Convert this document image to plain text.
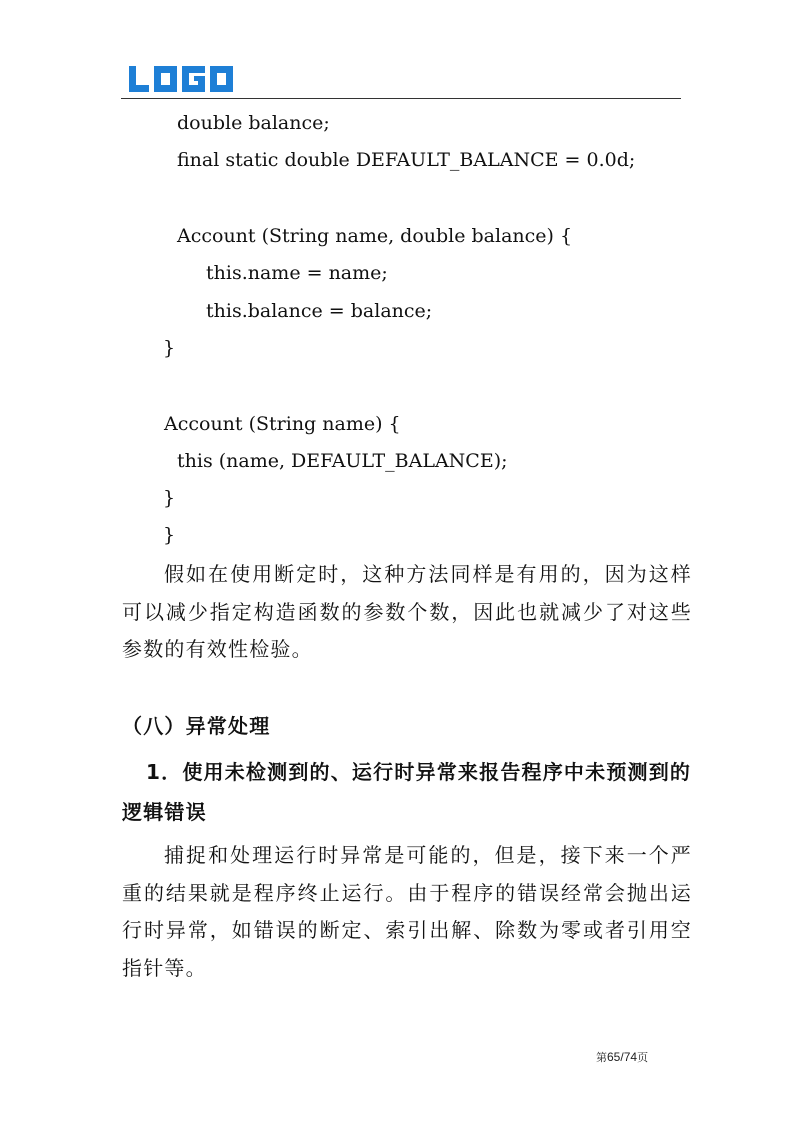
LOGO
double balance;
final static double DEFAULT_BALANCE = 0.0d;
Account (String name, double balance) {
this.name = name;
this.balance = balance;
}
Account (String name) {
this (name, DEFAULT_BALANCE);
}
}
假如在使用断定时，这种方法同样是有用的，因为这样可以减少指定构造函数的参数个数，因此也就减少了对这些参数的有效性检验。
（八）异常处理
1．使用未检测到的、运行时异常来报告程序中未预测到的逻辑错误
捕捉和处理运行时异常是可能的，但是，接下来一个严重的结果就是程序终止运行。由于程序的错误经常会抛出运行时异常，如错误的断定、索引出解、除数为零或者引用空指针等。
第65/74页
